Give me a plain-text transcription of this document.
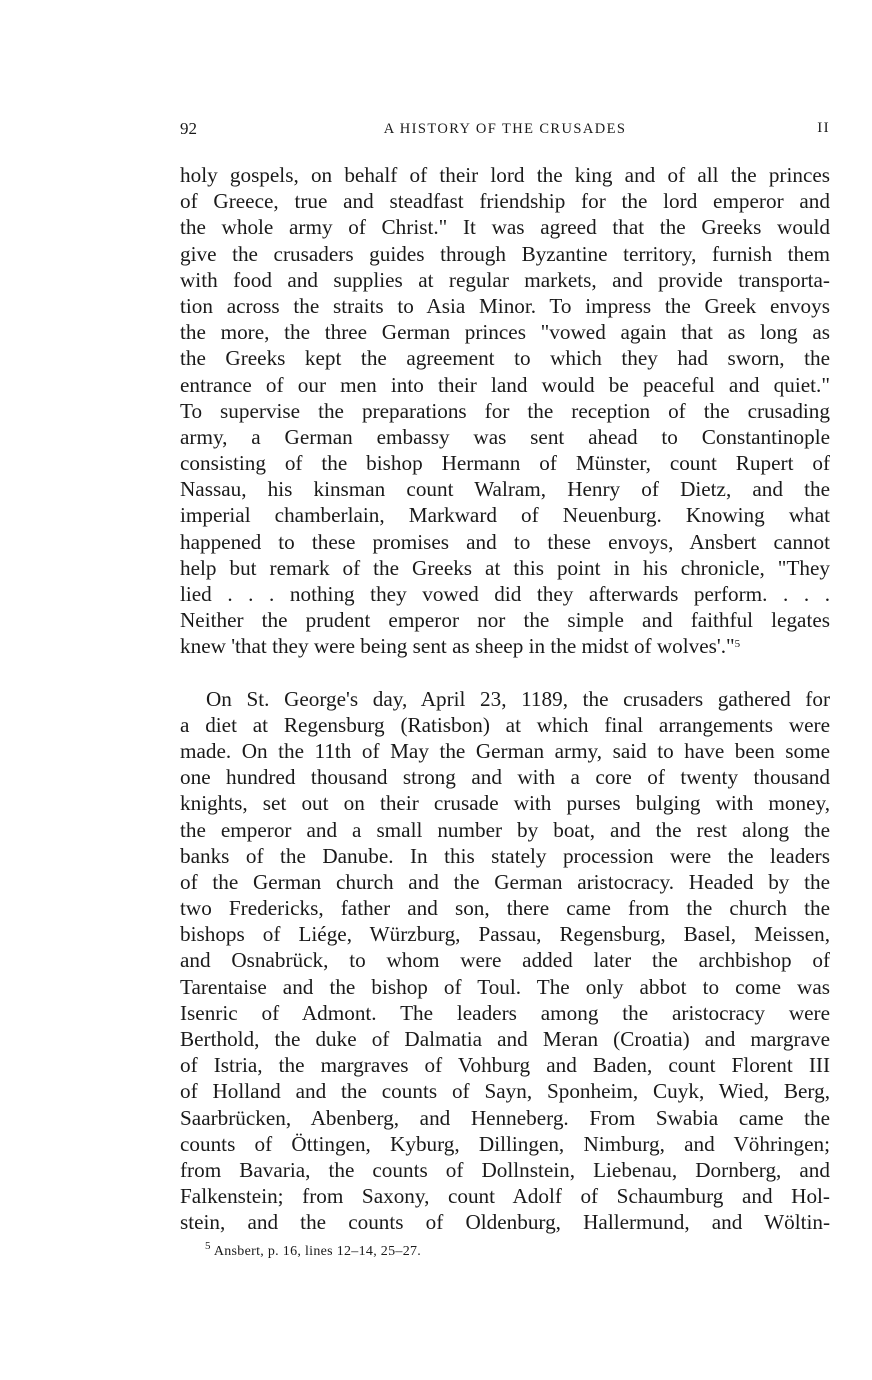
92	A HISTORY OF THE CRUSADES	II
holy gospels, on behalf of their lord the king and of all the princes
of Greece, true and steadfast friendship for the lord emperor and
the whole army of Christ." It was agreed that the Greeks would
give the crusaders guides through Byzantine territory, furnish them
with food and supplies at regular markets, and provide transporta-
tion across the straits to Asia Minor. To impress the Greek envoys
the more, the three German princes "vowed again that as long as
the Greeks kept the agreement to which they had sworn, the
entrance of our men into their land would be peaceful and quiet."
To supervise the preparations for the reception of the crusading
army, a German embassy was sent ahead to Constantinople
consisting of the bishop Hermann of Münster, count Rupert of
Nassau, his kinsman count Walram, Henry of Dietz, and the
imperial chamberlain, Markward of Neuenburg. Knowing what
happened to these promises and to these envoys, Ansbert cannot
help but remark of the Greeks at this point in his chronicle, "They
lied . . . nothing they vowed did they afterwards perform. . . .
Neither the prudent emperor nor the simple and faithful legates
knew 'that they were being sent as sheep in the midst of wolves'."$^5$
On St. George's day, April 23, 1189, the crusaders gathered for
a diet at Regensburg (Ratisbon) at which final arrangements were
made. On the 11th of May the German army, said to have been some
one hundred thousand strong and with a core of twenty thousand
knights, set out on their crusade with purses bulging with money,
the emperor and a small number by boat, and the rest along the
banks of the Danube. In this stately procession were the leaders
of the German church and the German aristocracy. Headed by the
two Fredericks, father and son, there came from the church the
bishops of Liége, Würzburg, Passau, Regensburg, Basel, Meissen,
and Osnabrück, to whom were added later the archbishop of
Tarentaise and the bishop of Toul. The only abbot to come was
Isenric of Admont. The leaders among the aristocracy were
Berthold, the duke of Dalmatia and Meran (Croatia) and margrave
of Istria, the margraves of Vohburg and Baden, count Florent III
of Holland and the counts of Sayn, Sponheim, Cuyk, Wied, Berg,
Saarbrücken, Abenberg, and Henneberg. From Swabia came the
counts of Öttingen, Kyburg, Dillingen, Nimburg, and Vöhringen;
from Bavaria, the counts of Dollnstein, Liebenau, Dornberg, and
Falkenstein; from Saxony, count Adolf of Schaumburg and Hol-
stein, and the counts of Oldenburg, Hallermund, and Wöltin-
$^5$ Ansbert, p. 16, lines 12–14, 25–27.
